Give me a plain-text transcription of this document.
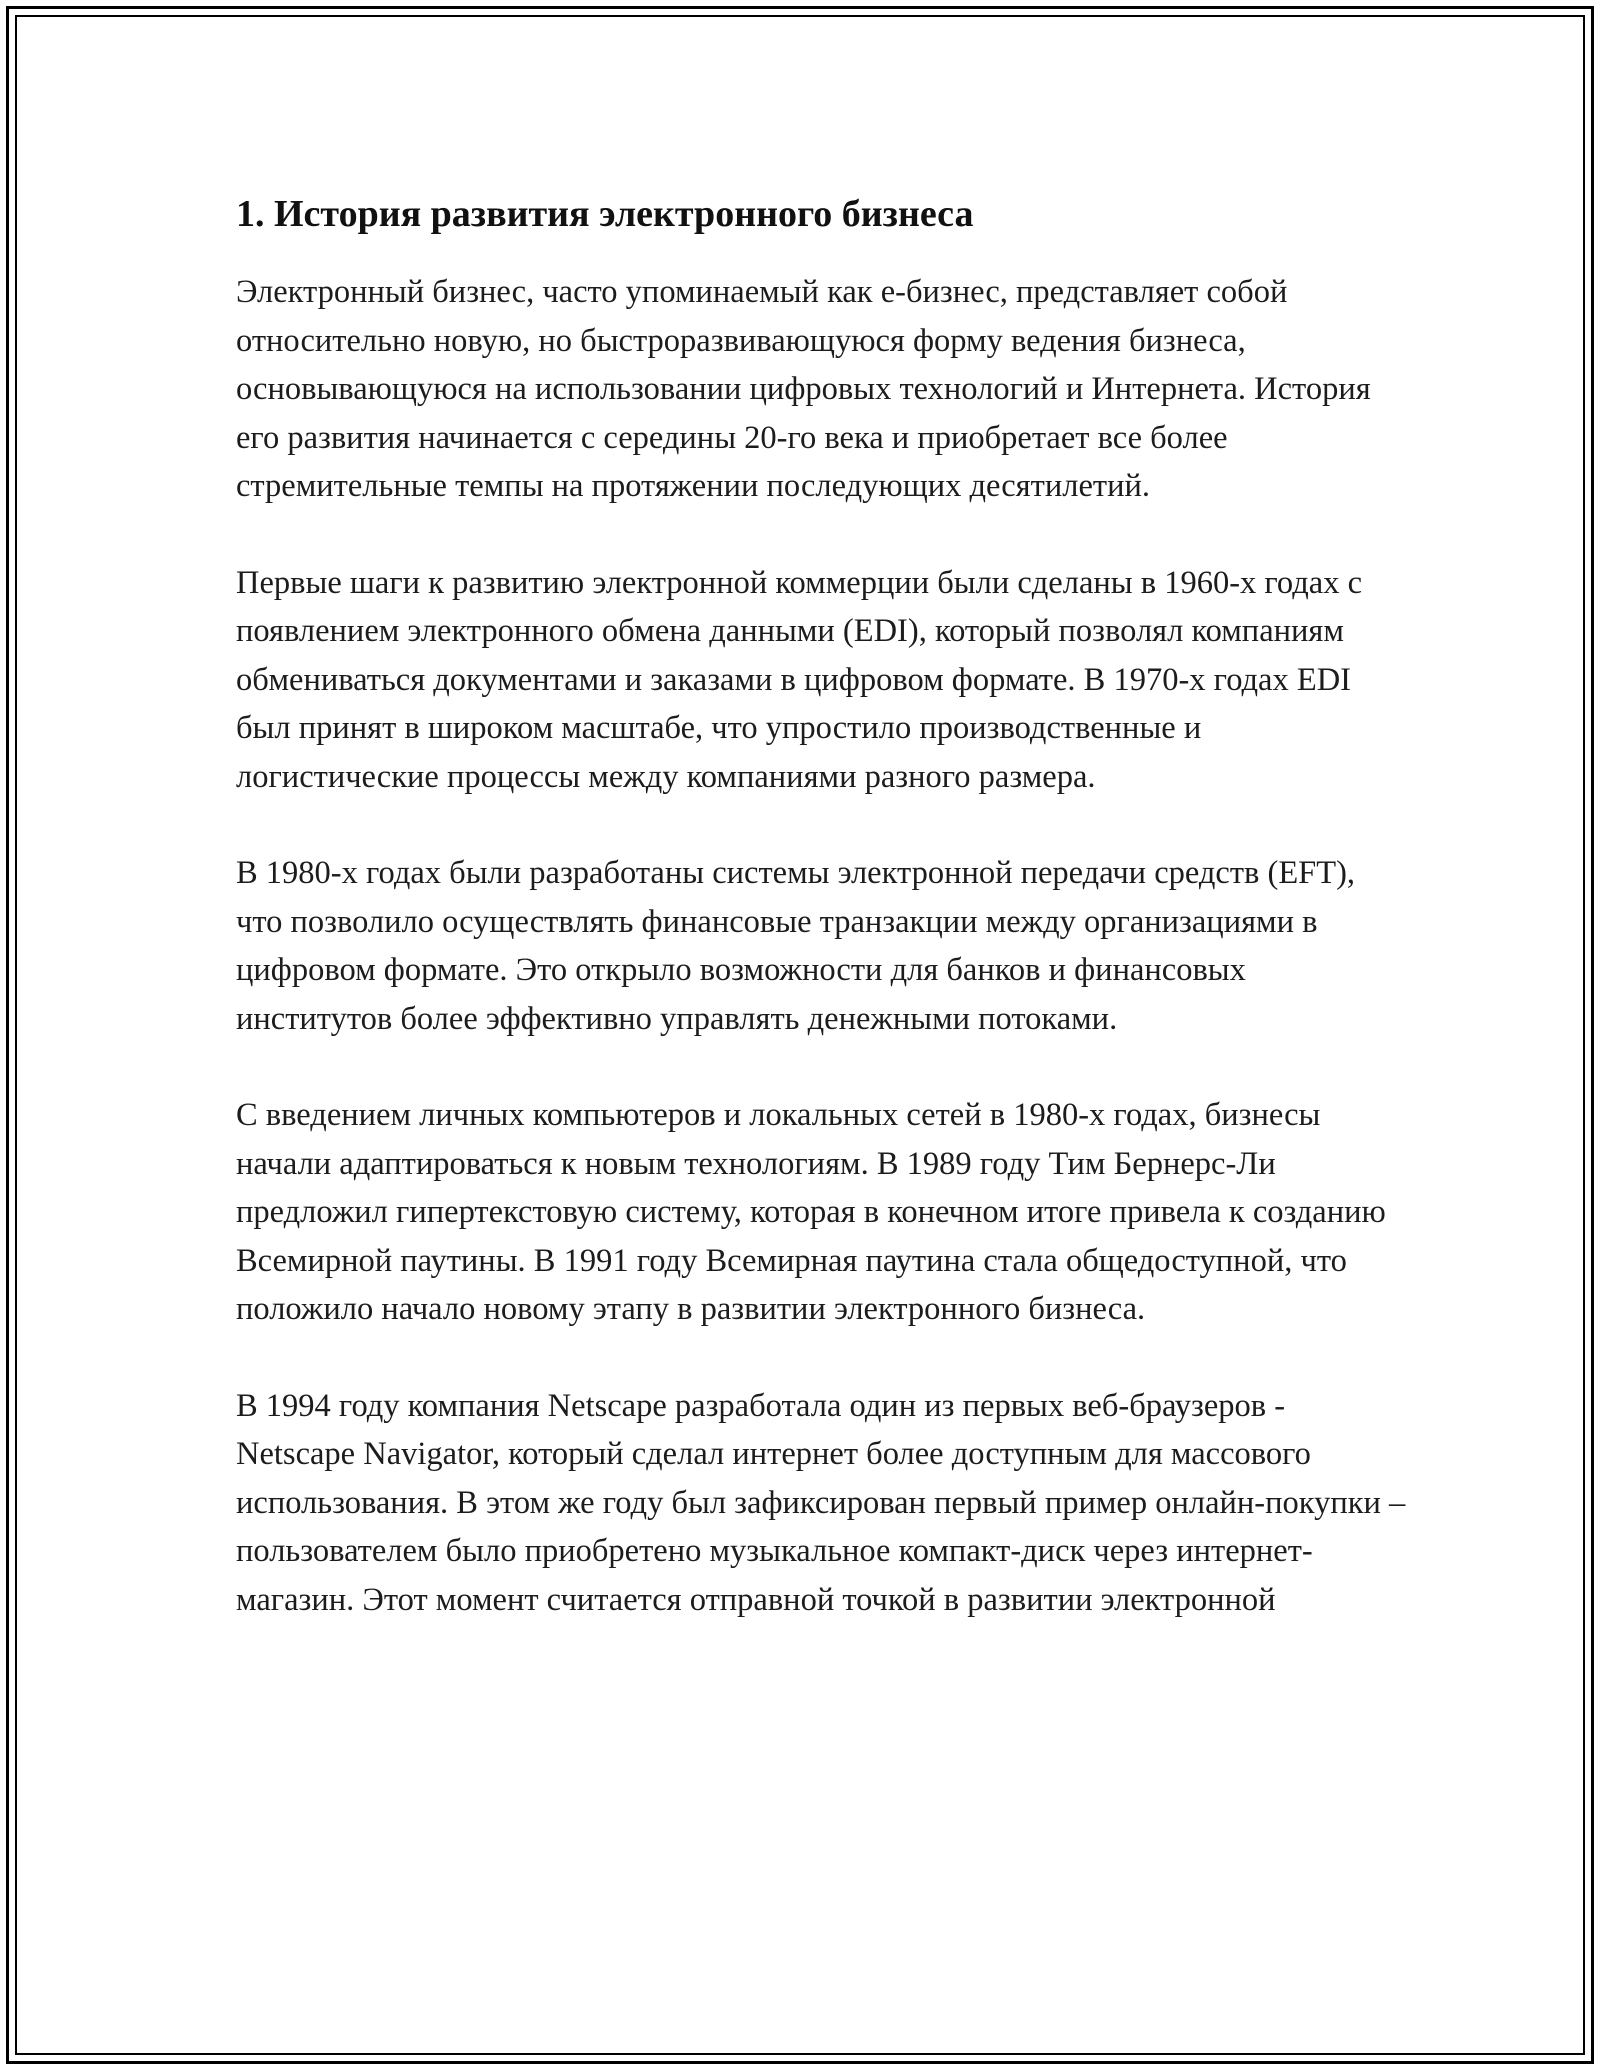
1. История развития электронного бизнеса

Электронный бизнес, часто упоминаемый как e-бизнес, представляет собой относительно новую, но быстроразвивающуюся форму ведения бизнеса, основывающуюся на использовании цифровых технологий и Интернета. История его развития начинается с середины 20-го века и приобретает все более стремительные темпы на протяжении последующих десятилетий.

Первые шаги к развитию электронной коммерции были сделаны в 1960-х годах с появлением электронного обмена данными (EDI), который позволял компаниям обмениваться документами и заказами в цифровом формате. В 1970-х годах EDI был принят в широком масштабе, что упростило производственные и логистические процессы между компаниями разного размера.

В 1980-х годах были разработаны системы электронной передачи средств (EFT), что позволило осуществлять финансовые транзакции между организациями в цифровом формате. Это открыло возможности для банков и финансовых институтов более эффективно управлять денежными потоками.

С введением личных компьютеров и локальных сетей в 1980-х годах, бизнесы начали адаптироваться к новым технологиям. В 1989 году Тим Бернерс-Ли предложил гипертекстовую систему, которая в конечном итоге привела к созданию Всемирной паутины. В 1991 году Всемирная паутина стала общедоступной, что положило начало новому этапу в развитии электронного бизнеса.

В 1994 году компания Netscape разработала один из первых веб-браузеров - Netscape Navigator, который сделал интернет более доступным для массового использования. В этом же году был зафиксирован первый пример онлайн-покупки – пользователем было приобретено музыкальное компакт-диск через интернет-магазин. Этот момент считается отправной точкой в развитии электронной
